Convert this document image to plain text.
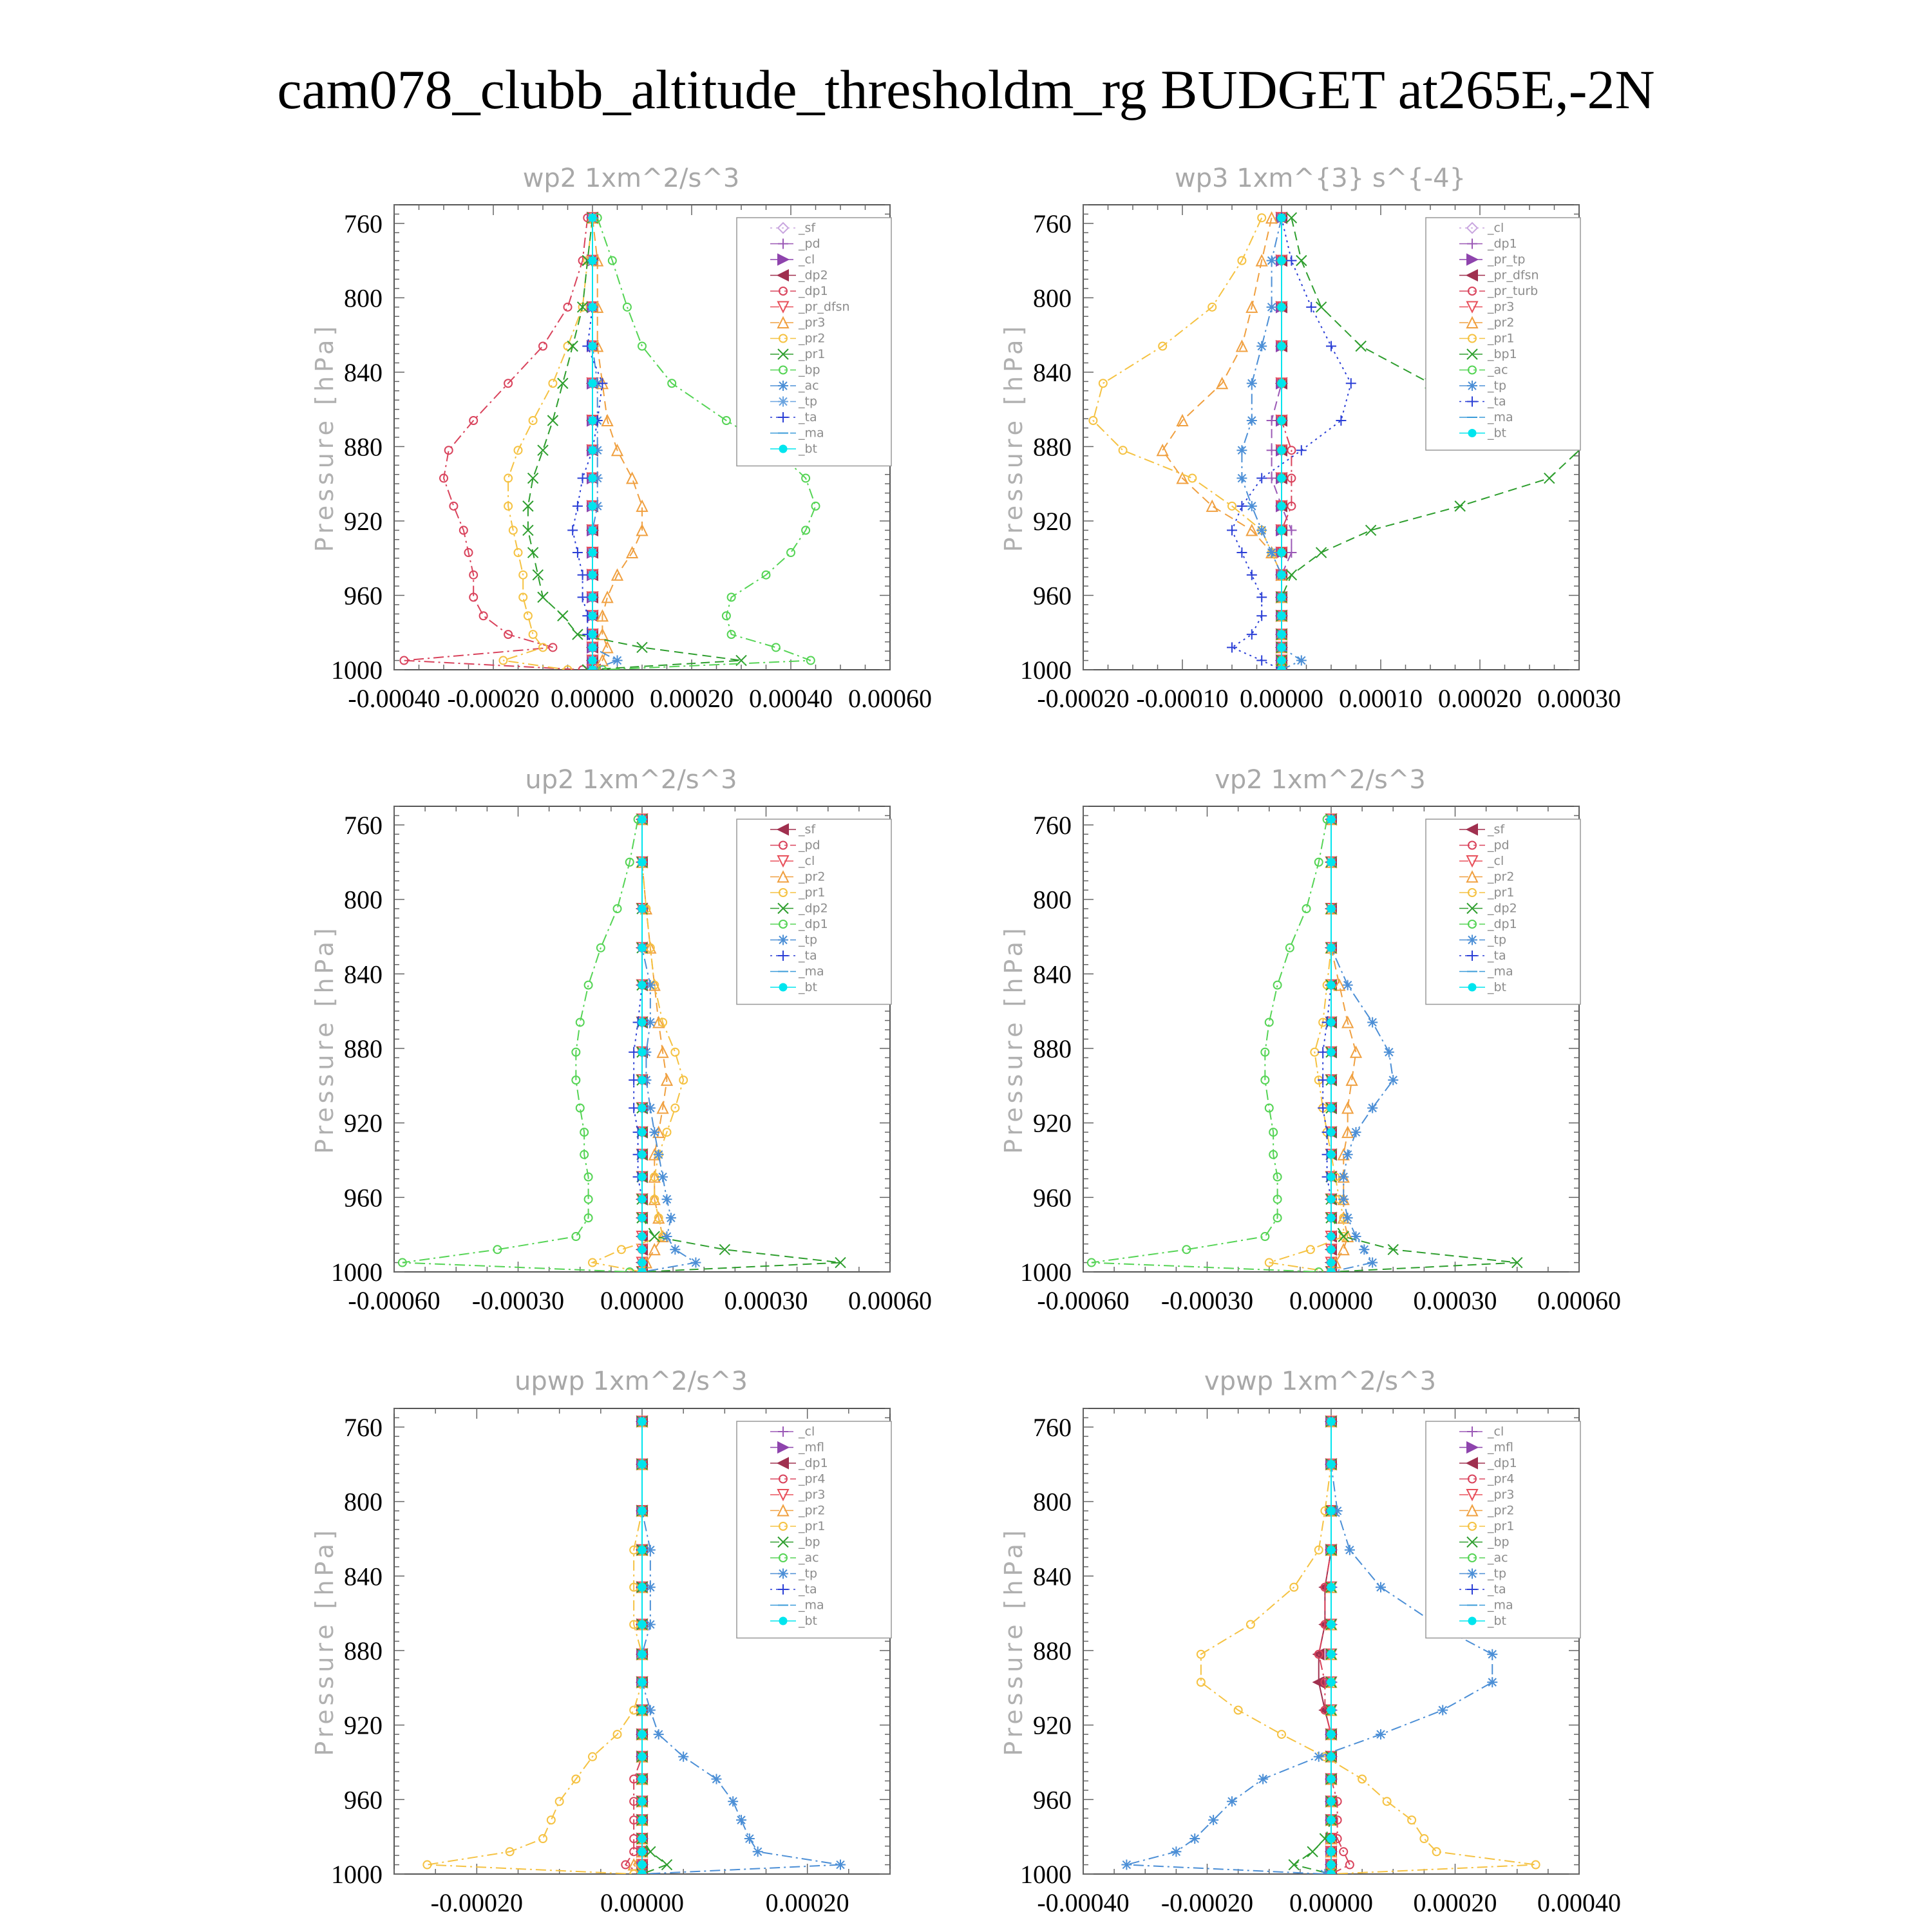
cam078_clubb_altitude_thresholdm_rg BUDGET at265E,-2N
wp2 1xm^2/s^3
Pressure [hPa]
760
800
840
880
920
960
1000
-0.00040 -0.00020 0.00000 0.00020 0.00040 0.00060
_sf
_pd
_cl
_dp2
_dp1
_pr_dfsn
_pr3
_pr2
_pr1
_bp
_ac
_tp
_ta
_ma
_bt
wp3 1xm^{3} s^{-4}
Pressure [hPa]
760
800
840
880
920
960
1000
-0.00020 -0.00010 0.00000 0.00010 0.00020 0.00030
_cl
_dp1
_pr_tp
_pr_dfsn
_pr_turb
_pr3
_pr2
_pr1
_bp1
_ac
_tp
_ta
_ma
_bt
up2 1xm^2/s^3
Pressure [hPa]
760
800
840
880
920
960
1000
-0.00060 -0.00030 0.00000 0.00030 0.00060
_sf
_pd
_cl
_pr2
_pr1
_dp2
_dp1
_tp
_ta
_ma
_bt
vp2 1xm^2/s^3
Pressure [hPa]
760
800
840
880
920
960
1000
-0.00060 -0.00030 0.00000 0.00030 0.00060
_sf
_pd
_cl
_pr2
_pr1
_dp2
_dp1
_tp
_ta
_ma
_bt
upwp 1xm^2/s^3
Pressure [hPa]
760
800
840
880
920
960
1000
-0.00020	0.00000	0.00020
_cl
_mfl
_dp1
_pr4
_pr3
_pr2
_pr1
_bp
_ac
_tp
_ta
_ma
_bt
vpwp 1xm^2/s^3
Pressure [hPa]
760
800
840
880
920
960
1000
-0.00040 -0.00020 0.00000 0.00020 0.00040
_cl
_mfl
_dp1
_pr4
_pr3
_pr2
_pr1
_bp
_ac
_tp
_ta
_ma
_bt
